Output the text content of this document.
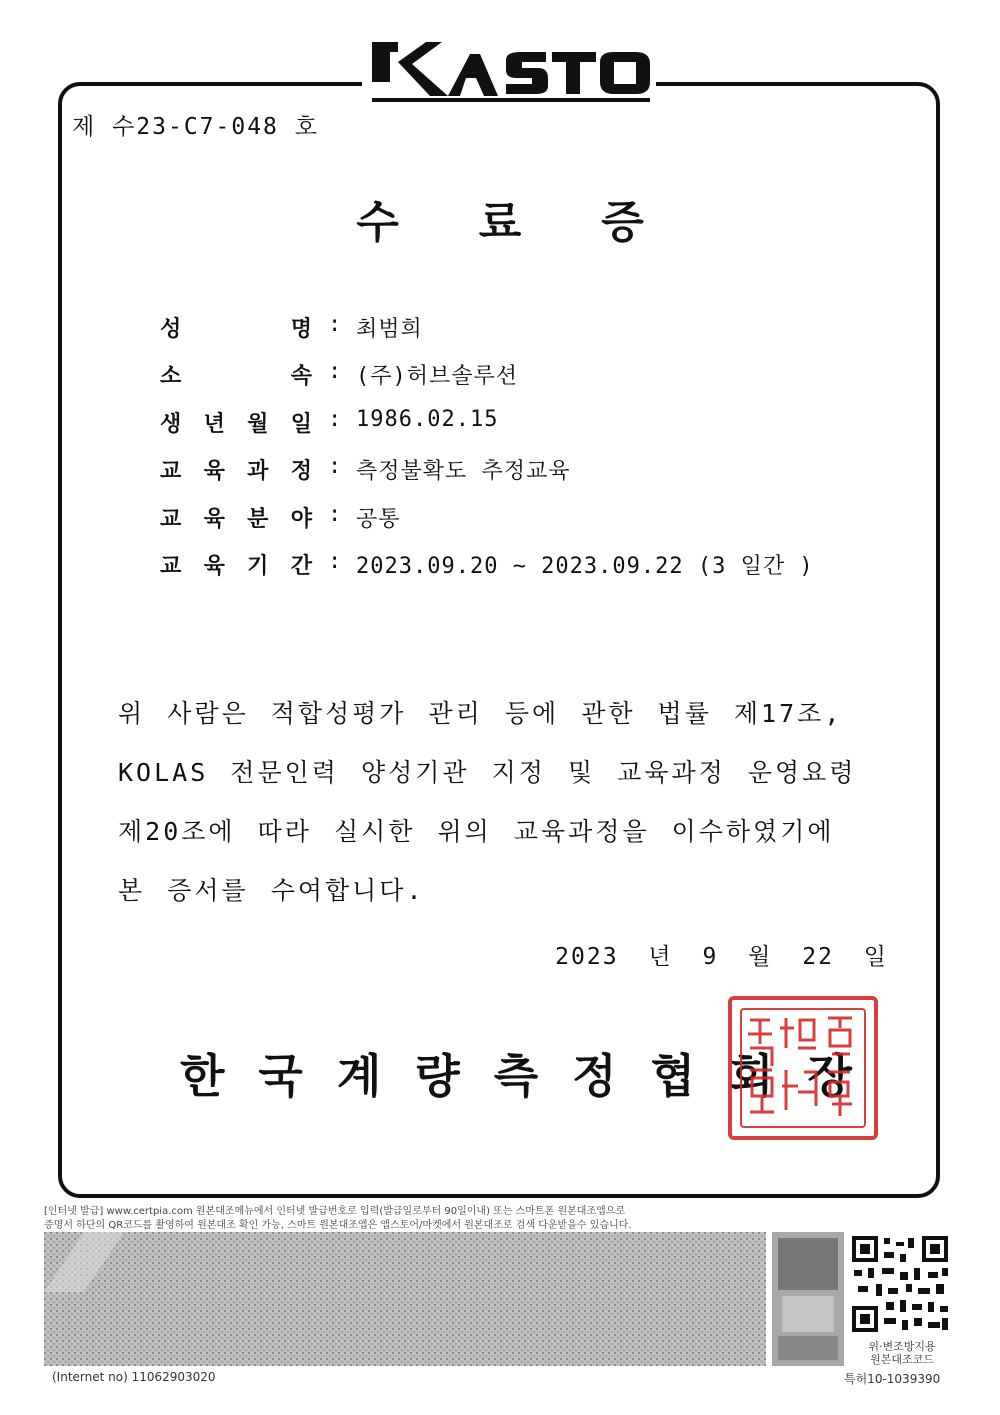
제 수23-C7-048 호
수료증
성	명 : 최범희
소	속 : (주)허브솔루션
생 년 월 일 : 1986.02.15
교 육 과 정 : 측정불확도 추정교육
교 육 분 야 : 공통
교 육 기 간 : 2023.09.20 ~ 2023.09.22 (3 일간 )
위 사람은 적합성평가 관리 등에 관한 법률 제17조,
KOLAS 전문인력 양성기관 지정 및 교육과정 운영요령
제20조에 따라 실시한 위의 교육과정을 이수하였기에
본 증서를 수여합니다.
2023 년 9 월 22 일
한국계량측정협회장
[인터넷 발급] www.certpia.com 원본대조메뉴에서 인터넷 발급번호로 입력(발급일로부터 90일이내) 또는 스마트폰 원본대조앱으로
증명서 하단의 QR코드를 촬영하여 원본대조 확인 가능, 스마트 원본대조앱은 앱스토어/마켓에서 원본대조로 검색 다운받을수 있습니다.
위·변조방지용
원본대조코드
(Internet no) 11062903020	특허10-1039390
